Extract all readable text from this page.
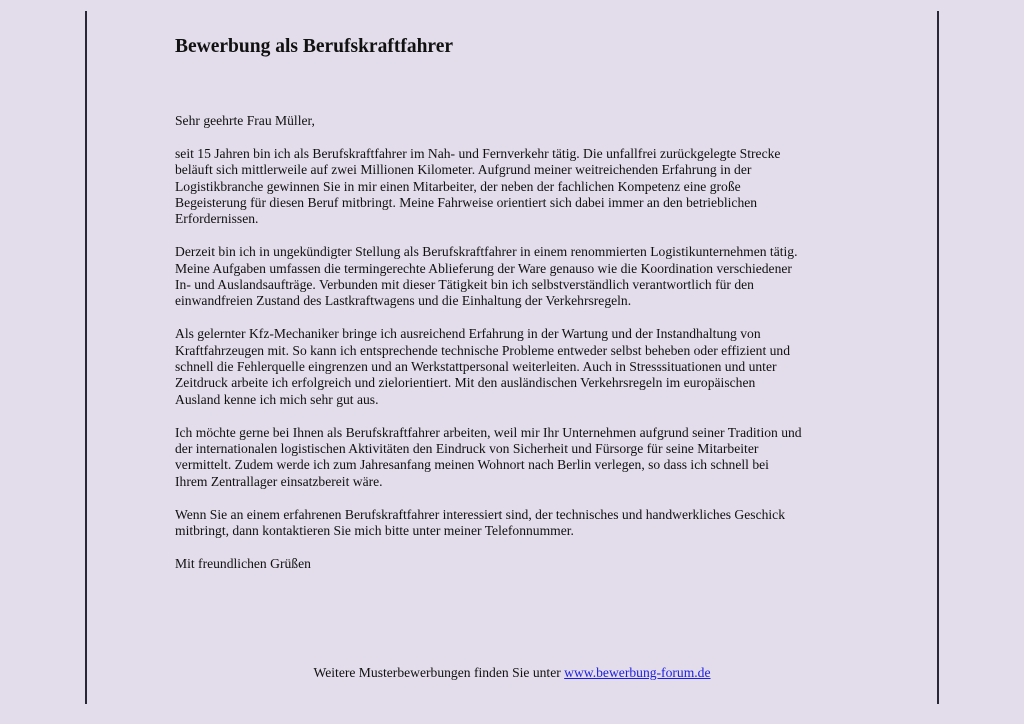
Bewerbung als Berufskraftfahrer

Sehr geehrte Frau Müller,

seit 15 Jahren bin ich als Berufskraftfahrer im Nah- und Fernverkehr tätig. Die unfallfrei zurückgelegte Strecke
beläuft sich mittlerweile auf zwei Millionen Kilometer. Aufgrund meiner weitreichenden Erfahrung in der
Logistikbranche gewinnen Sie in mir einen Mitarbeiter, der neben der fachlichen Kompetenz eine große
Begeisterung für diesen Beruf mitbringt. Meine Fahrweise orientiert sich dabei immer an den betrieblichen
Erfordernissen.

Derzeit bin ich in ungekündigter Stellung als Berufskraftfahrer in einem renommierten Logistikunternehmen tätig.
Meine Aufgaben umfassen die termingerechte Ablieferung der Ware genauso wie die Koordination verschiedener
In- und Auslandsaufträge. Verbunden mit dieser Tätigkeit bin ich selbstverständlich verantwortlich für den
einwandfreien Zustand des Lastkraftwagens und die Einhaltung der Verkehrsregeln.

Als gelernter Kfz-Mechaniker bringe ich ausreichend Erfahrung in der Wartung und der Instandhaltung von
Kraftfahrzeugen mit. So kann ich entsprechende technische Probleme entweder selbst beheben oder effizient und
schnell die Fehlerquelle eingrenzen und an Werkstattpersonal weiterleiten. Auch in Stresssituationen und unter
Zeitdruck arbeite ich erfolgreich und zielorientiert. Mit den ausländischen Verkehrsregeln im europäischen
Ausland kenne ich mich sehr gut aus.

Ich möchte gerne bei Ihnen als Berufskraftfahrer arbeiten, weil mir Ihr Unternehmen aufgrund seiner Tradition und
der internationalen logistischen Aktivitäten den Eindruck von Sicherheit und Fürsorge für seine Mitarbeiter
vermittelt. Zudem werde ich zum Jahresanfang meinen Wohnort nach Berlin verlegen, so dass ich schnell bei
Ihrem Zentrallager einsatzbereit wäre.

Wenn Sie an einem erfahrenen Berufskraftfahrer interessiert sind, der technisches und handwerkliches Geschick
mitbringt, dann kontaktieren Sie mich bitte unter meiner Telefonnummer.

Mit freundlichen Grüßen

Weitere Musterbewerbungen finden Sie unter www.bewerbung-forum.de
